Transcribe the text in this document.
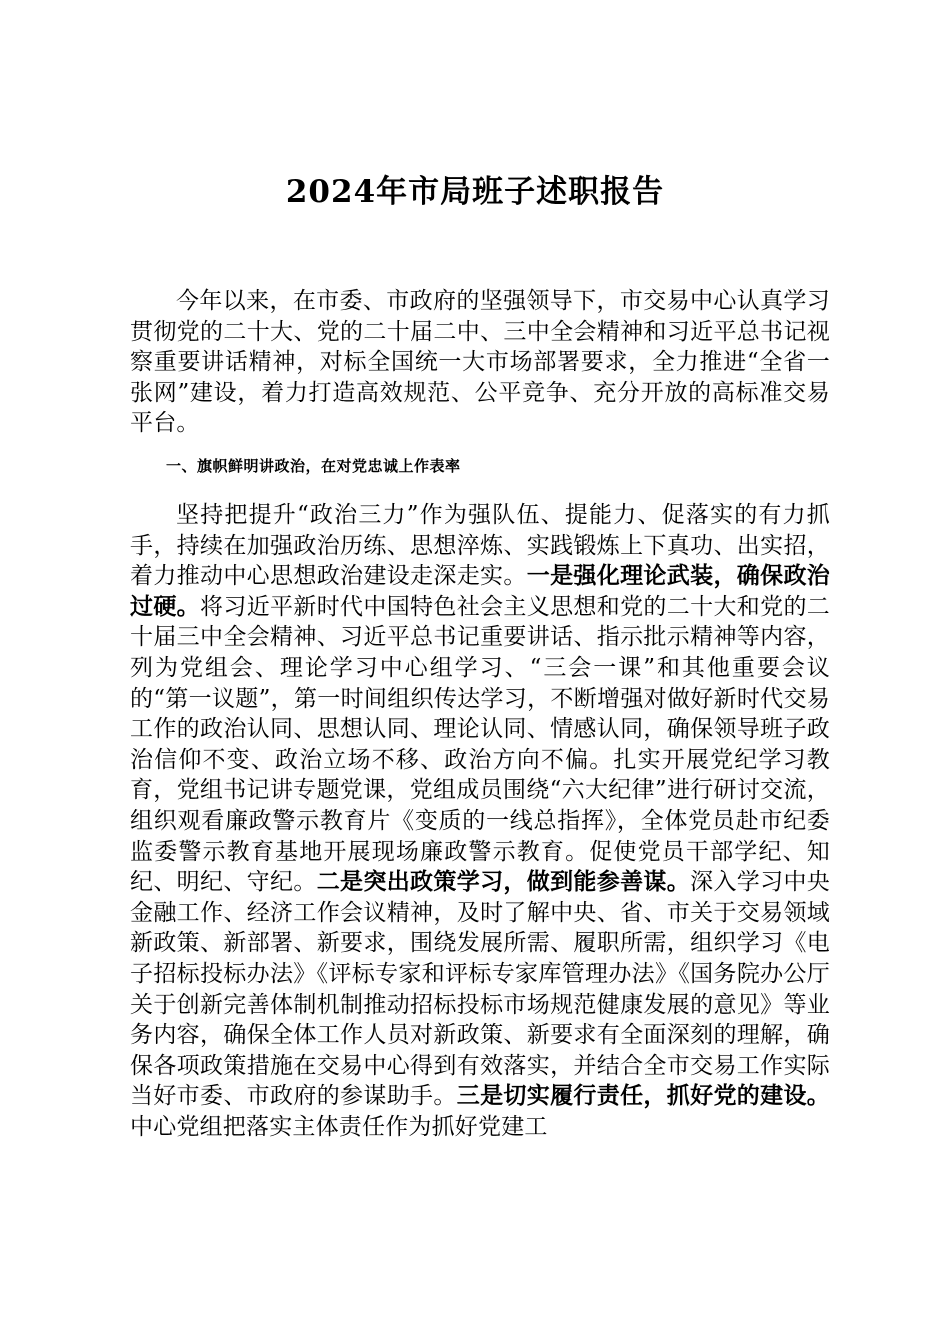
2024年市局班子述职报告

今年以来，在市委、市政府的坚强领导下，市交易中心认真学习贯彻党的二十大、党的二十届二中、三中全会精神和习近平总书记视察重要讲话精神，对标全国统一大市场部署要求，全力推进“全省一张网”建设，着力打造高效规范、公平竞争、充分开放的高标准交易平台。

一、旗帜鲜明讲政治，在对党忠诚上作表率

坚持把提升“政治三力”作为强队伍、提能力、促落实的有力抓手，持续在加强政治历练、思想淬炼、实践锻炼上下真功、出实招，着力推动中心思想政治建设走深走实。一是强化理论武装，确保政治过硬。将习近平新时代中国特色社会主义思想和党的二十大和党的二十届三中全会精神、习近平总书记重要讲话、指示批示精神等内容，列为党组会、理论学习中心组学习、“三会一课”和其他重要会议的“第一议题”，第一时间组织传达学习，不断增强对做好新时代交易工作的政治认同、思想认同、理论认同、情感认同，确保领导班子政治信仰不变、政治立场不移、政治方向不偏。扎实开展党纪学习教育，党组书记讲专题党课，党组成员围绕“六大纪律”进行研讨交流，组织观看廉政警示教育片《变质的一线总指挥》，全体党员赴市纪委监委警示教育基地开展现场廉政警示教育。促使党员干部学纪、知纪、明纪、守纪。二是突出政策学习，做到能参善谋。深入学习中央金融工作、经济工作会议精神，及时了解中央、省、市关于交易领域新政策、新部署、新要求，围绕发展所需、履职所需，组织学习《电子招标投标办法》《评标专家和评标专家库管理办法》《国务院办公厅关于创新完善体制机制推动招标投标市场规范健康发展的意见》等业务内容，确保全体工作人员对新政策、新要求有全面深刻的理解，确保各项政策措施在交易中心得到有效落实，并结合全市交易工作实际当好市委、市政府的参谋助手。三是切实履行责任，抓好党的建设。中心党组把落实主体责任作为抓好党建工
